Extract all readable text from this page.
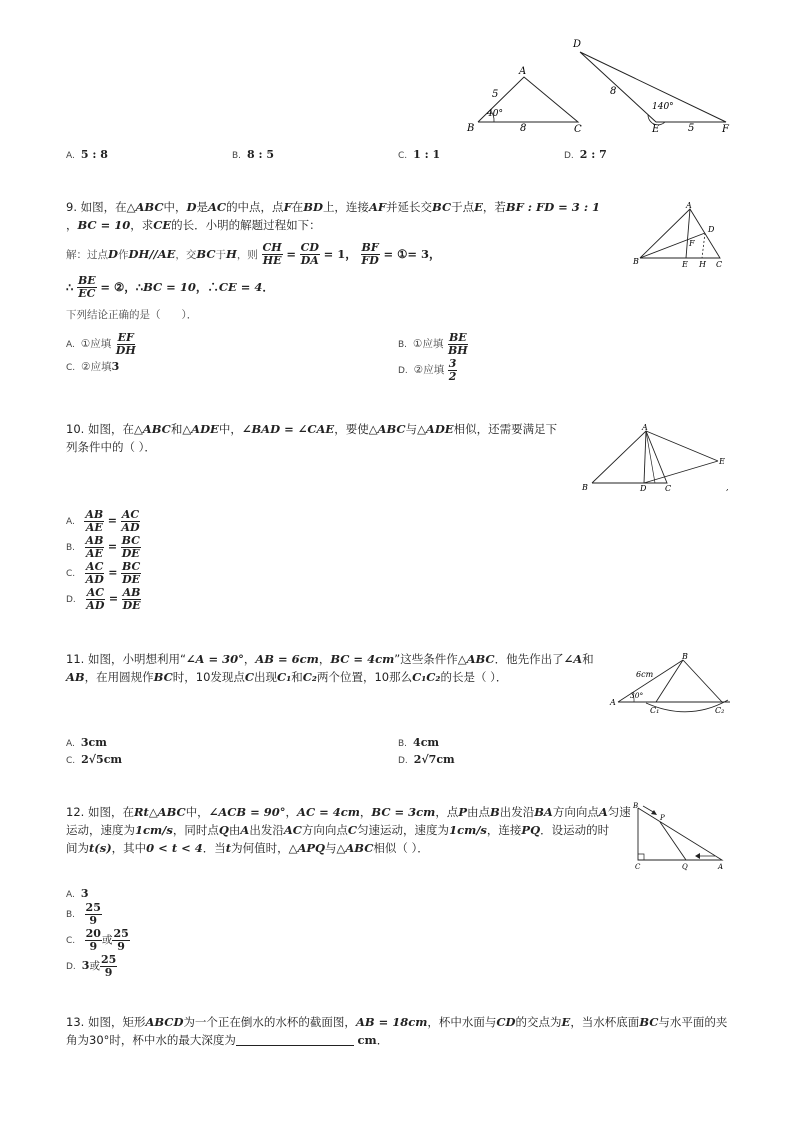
A
B	C
5
8
40°
D
E	F
8
5
140°
A. 5 : 8	B. 8 : 5	C. 1 : 1	D. 2 : 7
9. 如图，在△ABC中，D是AC的中点，点F在BD上，连接AF并延长交BC于点E，若BF : FD = 3 : 1
，BC = 10，求CE的长．小明的解题过程如下：
解：过点D作DH//AE，交BC于H，则 $\frac{CH}{HE} = \frac{CD}{DA} = 1$， $\frac{BF}{FD}$ = ①= 3，
∴ $\frac{BE}{EC}$ = ②，∴BC = 10，∴CE = 4．
下列结论正确的是（　　）．
A. ①应填 $\frac{EF}{DH}$	B. ①应填 $\frac{BE}{BH}$
C. ②应填3	D. ②应填 $\frac{3}{2}$
A
B	C
D
E
F
H
10. 如图，在△ABC和△ADE中，∠BAD = ∠CAE，要使△ABC与△ADE相似，还需要满足下
列条件中的（ ）．
A
B	C
D
E
,
A. $\frac{AB}{AE} = \frac{AC}{AD}$
B. $\frac{AB}{AE} = \frac{BC}{DE}$
C. $\frac{AC}{AD} = \frac{BC}{DE}$
D. $\frac{AC}{AD} = \frac{AB}{DE}$
11. 如图，小明想利用“∠A = 30°，AB = 6cm，BC = 4cm”这些条件作△ABC．他先作出了∠A和
AB，在用圆规作BC时，10发现点C出现C₁和C₂两个位置，10那么C₁C₂的长是（ ）．
A
B
C₁	C₂
6cm
30°
A. 3cm	B. 4cm
C. 2√5cm	D. 2√7cm
12. 如图，在Rt△ABC中，∠ACB = 90°，AC = 4cm，BC = 3cm，点P由点B出发沿BA方向向点A匀速
运动，速度为1cm/s，同时点Q由A出发沿AC方向向点C匀速运动，速度为1cm/s，连接PQ．设运动的时
间为t(s)，其中0 < t < 4．当t为何值时，△APQ与△ABC相似（ ）．
B
P
C	Q	A
A. 3
B. $\frac{25}{9}$
C. $\frac{20}{9}$ 或 $\frac{25}{9}$
D. 3或 $\frac{25}{9}$
13. 如图，矩形ABCD为一个正在倒水的水杯的截面图，AB = 18cm，杯中水面与CD的交点为E，当水杯底面BC与水平面的夹
角为30°时，杯中水的最大深度为	cm．
